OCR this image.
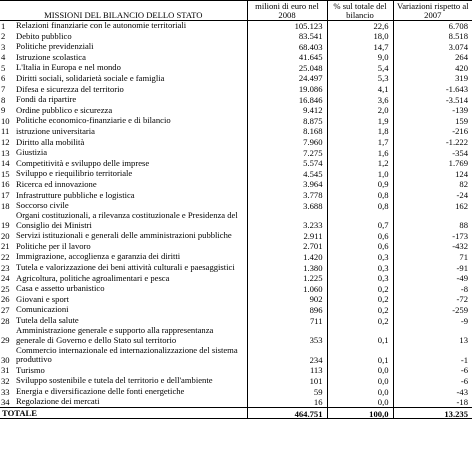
MISSIONI DEL BILANCIO DELLO STATO		milioni di euro nel 2008	% sul totale del bilancio	Variazioni rispetto al 2007
1	Relazioni finanziarie con le autonomie territoriali	105.123	22,6	6.708
2	Debito pubblico	83.541	18,0	8.518
3	Politiche previdenziali	68.403	14,7	3.074
4	Istruzione scolastica	41.645	9,0	264
5	L'Italia in Europa e nel mondo	25.048	5,4	420
6	Diritti sociali, solidarietà sociale e famiglia	24.497	5,3	319
7	Difesa e sicurezza del territorio	19.086	4,1	-1.643
8	Fondi da ripartire	16.846	3,6	-3.514
9	Ordine pubblico e sicurezza	9.412	2,0	-139
10	Politiche economico-finanziarie e di bilancio	8.875	1,9	159
11	istruzione universitaria	8.168	1,8	-216
12	Diritto alla mobilità	7.960	1,7	-1.222
13	Giustizia	7.275	1,6	-354
14	Competitività e sviluppo delle imprese	5.574	1,2	1.769
15	Sviluppo e riequilibrio territoriale	4.545	1,0	124
16	Ricerca ed innovazione	3.964	0,9	82
17	Infrastrutture pubbliche e logistica	3.778	0,8	-24
18	Soccorso civile	3.688	0,8	162
19	Organi costituzionali, a rilevanza costituzionale e Presidenza del Consiglio dei Ministri	3.233	0,7	88
20	Servizi istituzionali e generali delle amministrazioni pubbliche	2.911	0,6	-173
21	Politiche per il lavoro	2.701	0,6	-432
22	Immigrazione, accoglienza e garanzia dei diritti	1.420	0,3	71
23	Tutela e valorizzazione dei beni attività culturali e paesaggistici	1.380	0,3	-91
24	Agricoltura, politiche agroalimentari e pesca	1.225	0,3	-49
25	Casa e assetto urbanistico	1.060	0,2	-8
26	Giovani e sport	902	0,2	-72
27	Comunicazioni	896	0,2	-259
28	Tutela della salute	711	0,2	-9
29	Amministrazione generale e supporto alla rappresentanza generale di Governo e dello Stato sul territorio	353	0,1	13
30	Commercio internazionale ed internazionalizzazione del sistema produttivo	234	0,1	-1
31	Turismo	113	0,0	-6
32	Sviluppo sostenibile e tutela del territorio e dell'ambiente	101	0,0	-6
33	Energia e diversificazione delle fonti energetiche	59	0,0	-43
34	Regolazione dei mercati	16	0,0	-18
TOTALE		464.751	100,0	13.235
